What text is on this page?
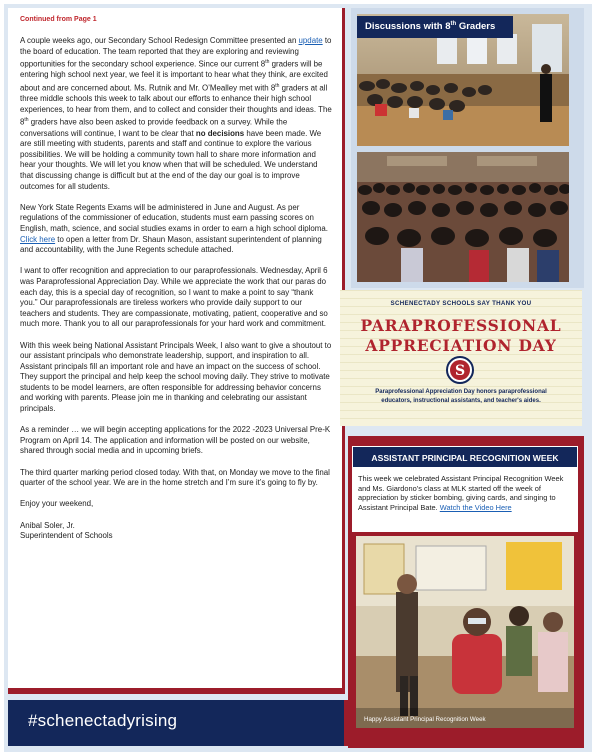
Continued from Page 1

A couple weeks ago, our Secondary School Redesign Committee presented an update to the board of education. The team reported that they are exploring and reviewing opportunities for the secondary school experience. Since our current 8th graders will be entering high school next year, we feel it is important to hear what they think, are excited about and are concerned about. Ms. Rutnik and Mr. O’Mealley met with 8th graders at all three middle schools this week to talk about our efforts to enhance their high school experiences, to hear from them, and to collect and consider their thoughts and ideas. The 8th graders have also been asked to provide feedback on a survey. While the conversations will continue, I want to be clear that no decisions have been made. We are still meeting with students, parents and staff and continue to explore the various possibilities. We will be holding a community town hall to share more information and hear your thoughts. We will let you know when that will be scheduled. We understand that discussing change is difficult but at the end of the day our goal is to improve outcomes for all students.

New York State Regents Exams will be administered in June and August. As per regulations of the commissioner of education, students must earn passing scores on English, math, science, and social studies exams in order to earn a high school diploma. Click here to open a letter from Dr. Shaun Mason, assistant superintendent of planning and accountability, with the June Regents schedule attached.

I want to offer recognition and appreciation to our paraprofessionals. Wednesday, April 6 was Paraprofessional Appreciation Day. While we appreciate the work that our paras do each day, this is a special day of recognition, so I want to make a point to say “thank you.” Our paraprofessionals are tireless workers who provide daily support to our teachers and students. They are compassionate, motivating, patient, cooperative and so much more. Thank you to all our paraprofessionals for your hard work and commitment.

With this week being National Assistant Principals Week, I also want to give a shoutout to our assistant principals who demonstrate leadership, support, and inspiration to all. Assistant principals fill an important role and have an impact on the success of school. They support the principal and help keep the school moving daily. They strive to motivate students to be model learners, are often responsible for addressing behavior concerns and working with parents. Please join me in thanking and celebrating our assistant principals.

As a reminder … we will begin accepting applications for the 2022 -2023 Universal Pre-K Program on April 14. The application and information will be posted on our website, shared through social media and in upcoming briefs.

The third quarter marking period closed today. With that, on Monday we move to the final quarter of the school year. We are in the home stretch and I’m sure it’s going to fly by.

Enjoy your weekend,

Anibal Soler, Jr.
Superintendent of Schools

#schenectadyrising
Discussions with 8th Graders
SCHENECTADY SCHOOLS SAY THANK YOU
PARAPROFESSIONAL
APPRECIATION DAY
S
Paraprofessional Appreciation Day honors paraprofessional educators, instructional assistants, and teacher's aides.
ASSISTANT PRINCIPAL RECOGNITION WEEK
This week we celebrated Assistant Principal Recognition Week and Ms. Giardono’s class at MLK started off the week of appreciation by sticker bombing, giving cards, and singing to Assistant Principal Bate. Watch the Video Here
Happy Assistant Principal Recognition Week
